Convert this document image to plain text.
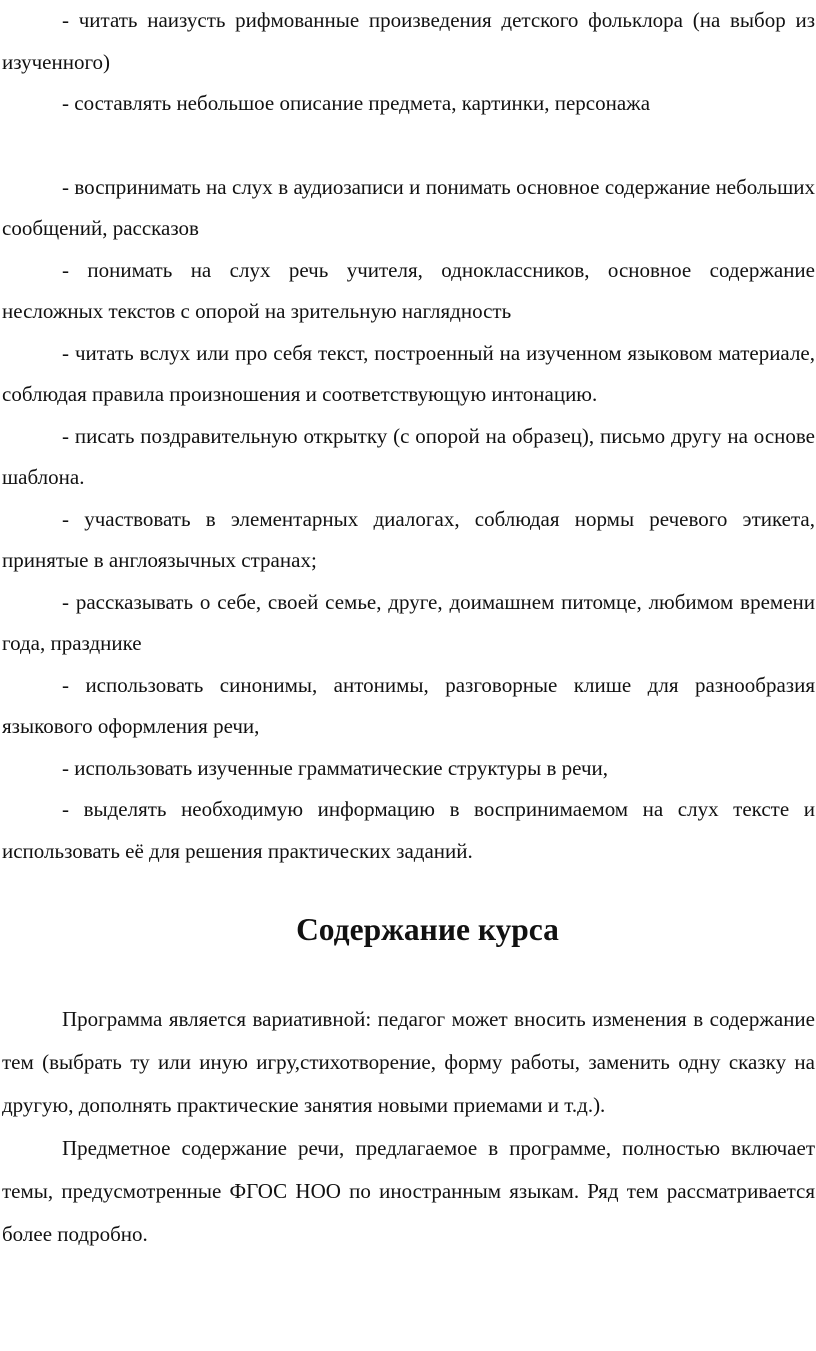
- читать наизусть рифмованные произведения детского фольклора (на выбор из изученного)

- составлять небольшое описание предмета, картинки, персонажа

- воспринимать на слух в аудиозаписи и понимать основное содержание небольших сообщений, рассказов

- понимать на слух речь учителя, одноклассников, основное содержание несложных текстов с опорой на зрительную наглядность

- читать вслух или про себя текст, построенный на изученном языковом материале, соблюдая правила произношения и соответствующую интонацию.

- писать поздравительную открытку (с опорой на образец), письмо другу на основе шаблона.

- участвовать в элементарных диалогах, соблюдая нормы речевого этикета, принятые в англоязычных странах;

- рассказывать о себе, своей семье, друге, доимашнем питомце, любимом времени года, празднике

- использовать синонимы, антонимы, разговорные клише для разнообразия языкового оформления речи,

- использовать изученные грамматические структуры в речи,

- выделять необходимую информацию в воспринимаемом на слух тексте и использовать её для решения практических заданий.

Содержание курса

Программа является вариативной: педагог может вносить изменения в содержание тем (выбрать ту или иную игру,стихотворение, форму работы, заменить одну сказку на другую, дополнять практические занятия новыми приемами и т.д.).

Предметное содержание речи, предлагаемое в программе, полностью включает темы, предусмотренные ФГОС НОО по иностранным языкам. Ряд тем рассматривается более подробно.
